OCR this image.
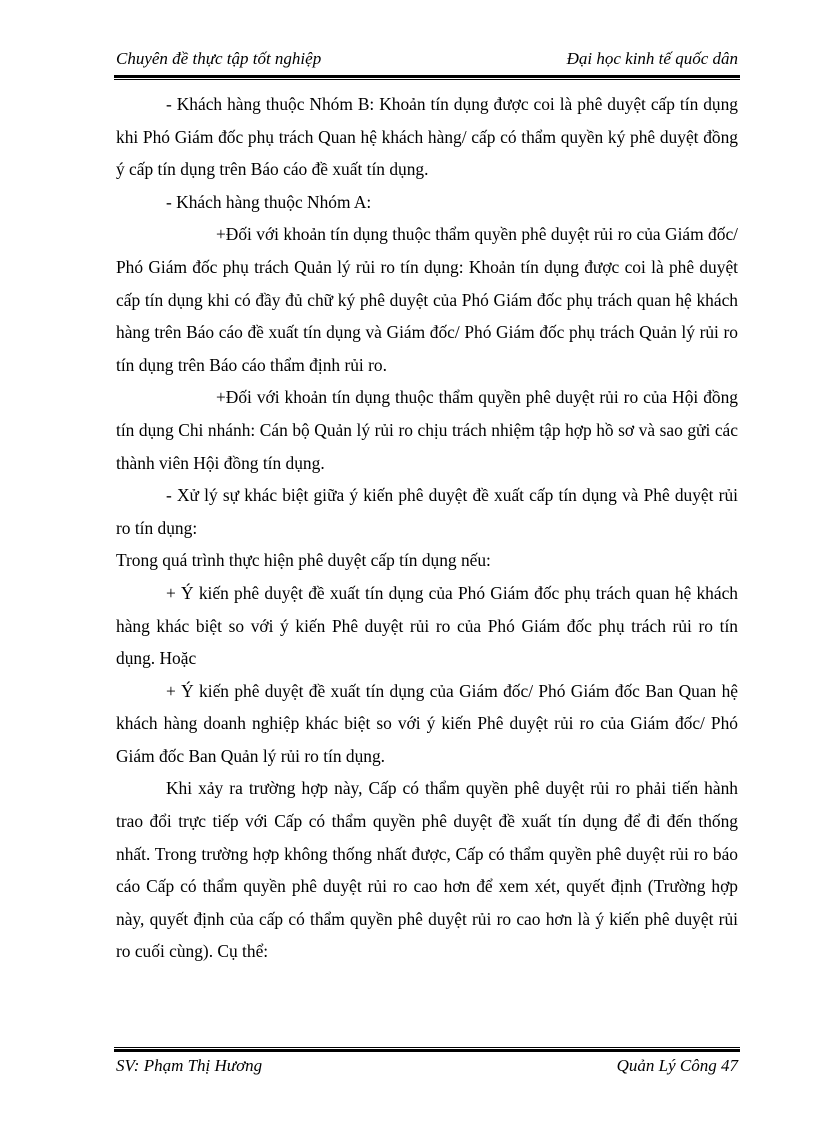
Chuyên đề thực tập tốt nghiệp	Đại học kinh tế quốc dân

- Khách hàng thuộc Nhóm B: Khoản tín dụng được coi là phê duyệt cấp tín dụng khi Phó Giám đốc phụ trách Quan hệ khách hàng/ cấp có thẩm quyền ký phê duyệt đồng ý cấp tín dụng trên Báo cáo đề xuất tín dụng.

- Khách hàng thuộc Nhóm A:

+Đối với khoản tín dụng thuộc thẩm quyền phê duyệt rủi ro của Giám đốc/ Phó Giám đốc phụ trách Quản lý rủi ro tín dụng: Khoản tín dụng được coi là phê duyệt cấp tín dụng khi có đầy đủ chữ ký phê duyệt của Phó Giám đốc phụ trách quan hệ khách hàng trên Báo cáo đề xuất tín dụng và Giám đốc/ Phó Giám đốc phụ trách Quản lý rủi ro tín dụng trên Báo cáo thẩm định rủi ro.

+Đối với khoản tín dụng thuộc thẩm quyền phê duyệt rủi ro của Hội đồng tín dụng Chi nhánh: Cán bộ Quản lý rủi ro chịu trách nhiệm tập hợp hồ sơ và sao gửi các thành viên Hội đồng tín dụng.

- Xử lý sự khác biệt giữa ý kiến phê duyệt đề xuất cấp tín dụng và Phê duyệt rủi ro tín dụng:

Trong quá trình thực hiện phê duyệt cấp tín dụng nếu:

+ Ý kiến phê duyệt đề xuất tín dụng của Phó Giám đốc phụ trách quan hệ khách hàng khác biệt so với ý kiến Phê duyệt rủi ro của Phó Giám đốc phụ trách rủi ro tín dụng. Hoặc

+ Ý kiến phê duyệt đề xuất tín dụng của Giám đốc/ Phó Giám đốc Ban Quan hệ khách hàng doanh nghiệp khác biệt so với ý kiến Phê duyệt rủi ro của Giám đốc/ Phó Giám đốc Ban Quản lý rủi ro tín dụng.

Khi xảy ra trường hợp này, Cấp có thẩm quyền phê duyệt rủi ro phải tiến hành trao đổi trực tiếp với Cấp có thẩm quyền phê duyệt đề xuất tín dụng để đi đến thống nhất. Trong trường hợp không thống nhất được, Cấp có thẩm quyền phê duyệt rủi ro báo cáo Cấp có thẩm quyền phê duyệt rủi ro cao hơn để xem xét, quyết định (Trường hợp này, quyết định của cấp có thẩm quyền phê duyệt rủi ro cao hơn là ý kiến phê duyệt rủi ro cuối cùng). Cụ thể:

SV: Phạm Thị Hương	Quản Lý Công 47
